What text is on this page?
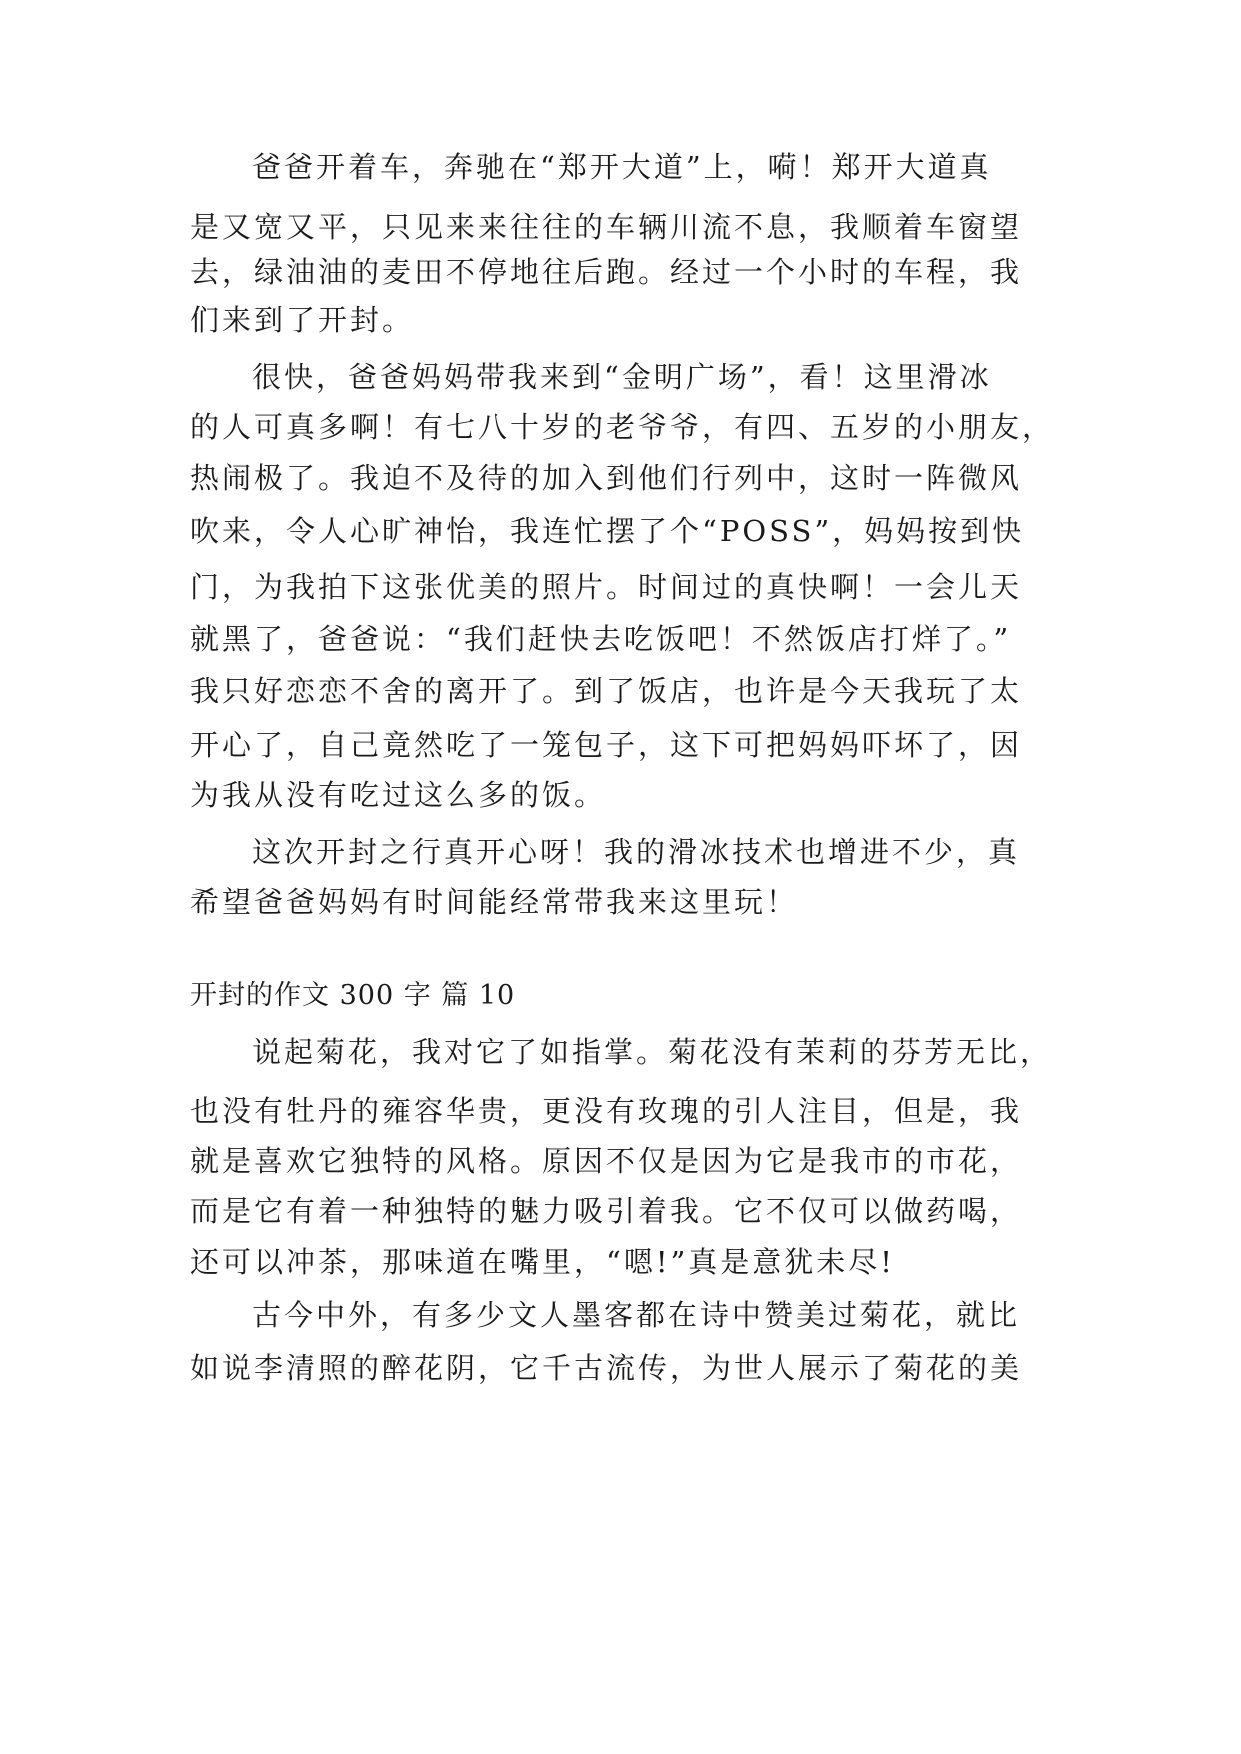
爸爸开着车，奔驰在“郑开大道”上，嗬！郑开大道真
是又宽又平，只见来来往往的车辆川流不息，我顺着车窗望
去，绿油油的麦田不停地往后跑。经过一个小时的车程，我
们来到了开封。
很快，爸爸妈妈带我来到“金明广场”，看！这里滑冰
的人可真多啊！有七八十岁的老爷爷，有四、五岁的小朋友，
热闹极了。我迫不及待的加入到他们行列中，这时一阵微风
吹来，令人心旷神怡，我连忙摆了个“POSS”，妈妈按到快
门，为我拍下这张优美的照片。时间过的真快啊！一会儿天
就黑了，爸爸说：“我们赶快去吃饭吧！不然饭店打烊了。”
我只好恋恋不舍的离开了。到了饭店，也许是今天我玩了太
开心了，自己竟然吃了一笼包子，这下可把妈妈吓坏了，因
为我从没有吃过这么多的饭。
这次开封之行真开心呀！我的滑冰技术也增进不少，真
希望爸爸妈妈有时间能经常带我来这里玩！
开封的作文 300 字 篇 10
说起菊花，我对它了如指掌。菊花没有茉莉的芬芳无比，
也没有牡丹的雍容华贵，更没有玫瑰的引人注目，但是，我
就是喜欢它独特的风格。原因不仅是因为它是我市的市花，
而是它有着一种独特的魅力吸引着我。它不仅可以做药喝，
还可以冲茶，那味道在嘴里，“嗯!”真是意犹未尽!
古今中外，有多少文人墨客都在诗中赞美过菊花，就比
如说李清照的醉花阴，它千古流传，为世人展示了菊花的美
